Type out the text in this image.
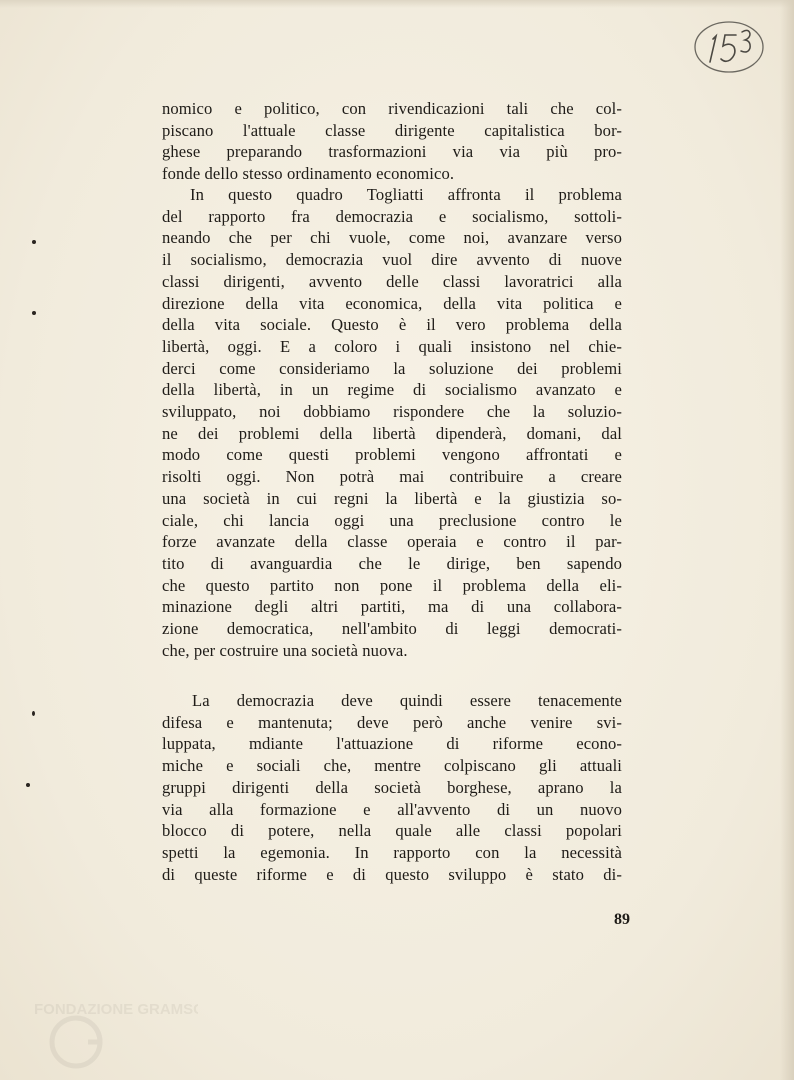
nomico e politico, con rivendicazioni tali che col-
piscano l'attuale classe dirigente capitalistica bor-
ghese preparando trasformazioni via via più pro-
fonde dello stesso ordinamento economico.
In questo quadro Togliatti affronta il problema
del rapporto fra democrazia e socialismo, sottoli-
neando che per chi vuole, come noi, avanzare verso
il socialismo, democrazia vuol dire avvento di nuove
classi dirigenti, avvento delle classi lavoratrici alla
direzione della vita economica, della vita politica e
della vita sociale. Questo è il vero problema della
libertà, oggi. E a coloro i quali insistono nel chie-
derci come consideriamo la soluzione dei problemi
della libertà, in un regime di socialismo avanzato e
sviluppato, noi dobbiamo rispondere che la soluzio-
ne dei problemi della libertà dipenderà, domani, dal
modo come questi problemi vengono affrontati e
risolti oggi. Non potrà mai contribuire a creare
una società in cui regni la libertà e la giustizia so-
ciale, chi lancia oggi una preclusione contro le
forze avanzate della classe operaia e contro il par-
tito di avanguardia che le dirige, ben sapendo
che questo partito non pone il problema della eli-
minazione degli altri partiti, ma di una collabora-
zione democratica, nell'ambito di leggi democrati-
che, per costruire una società nuova.
La democrazia deve quindi essere tenacemente
difesa e mantenuta; deve però anche venire svi-
luppata, mdiante l'attuazione di riforme econo-
miche e sociali che, mentre colpiscano gli attuali
gruppi dirigenti della società borghese, aprano la
via alla formazione e all'avvento di un nuovo
blocco di potere, nella quale alle classi popolari
spetti la egemonia. In rapporto con la necessità
di queste riforme e di questo sviluppo è stato di-
89
FONDAZIONE GRAMSCI
